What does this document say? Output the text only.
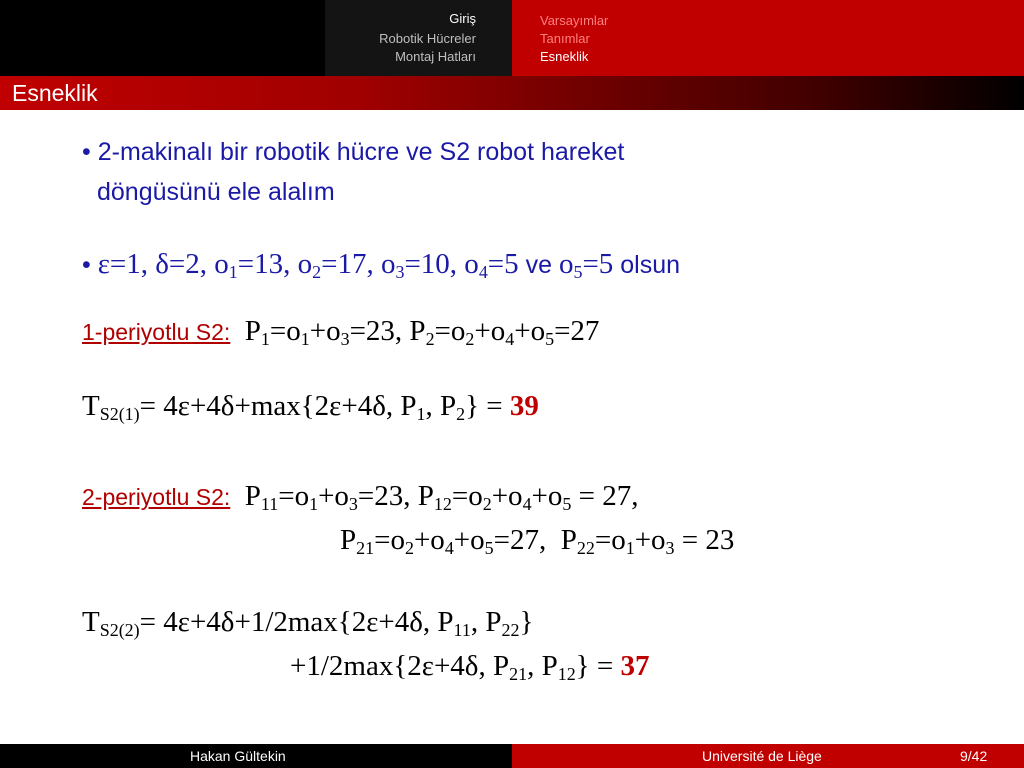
Giriş
Robotik Hücreler
Montaj Hatları
Varsayımlar
Tanımlar
Esneklik
Esneklik
• 2-makinalı bir robotik hücre ve S2 robot hareket
döngüsünü ele alalım
• ε=1, δ=2, $o_1=13$, $o_2=17$, $o_3=10$, $o_4=5$ ve $o_5=5$ olsun
1-periyotlu S2: $P_1=o_1+o_3=23$, $P_2=o_2+o_4+o_5=27$
$T_{S2(1)}= 4\varepsilon+4\delta+\max\{2\varepsilon+4\delta$, $P_1$, $P_2\} = 39$
2-periyotlu S2: $P_{11}=o_1+o_3=23$, $P_{12}=o_2+o_4+o_5 = 27$,
$P_{21}=o_2+o_4+o_5=27$,  $P_{22}=o_1+o_3 = 23$
$T_{S2(2)}= 4\varepsilon+4\delta+1/2\max\{2\varepsilon+4\delta$, $P_{11}$, $P_{22}$}
+1/2max{2ε+4δ, $P_{21}$, $P_{12}\} = 37$
Hakan Gültekin	Université de Liège	9/42
